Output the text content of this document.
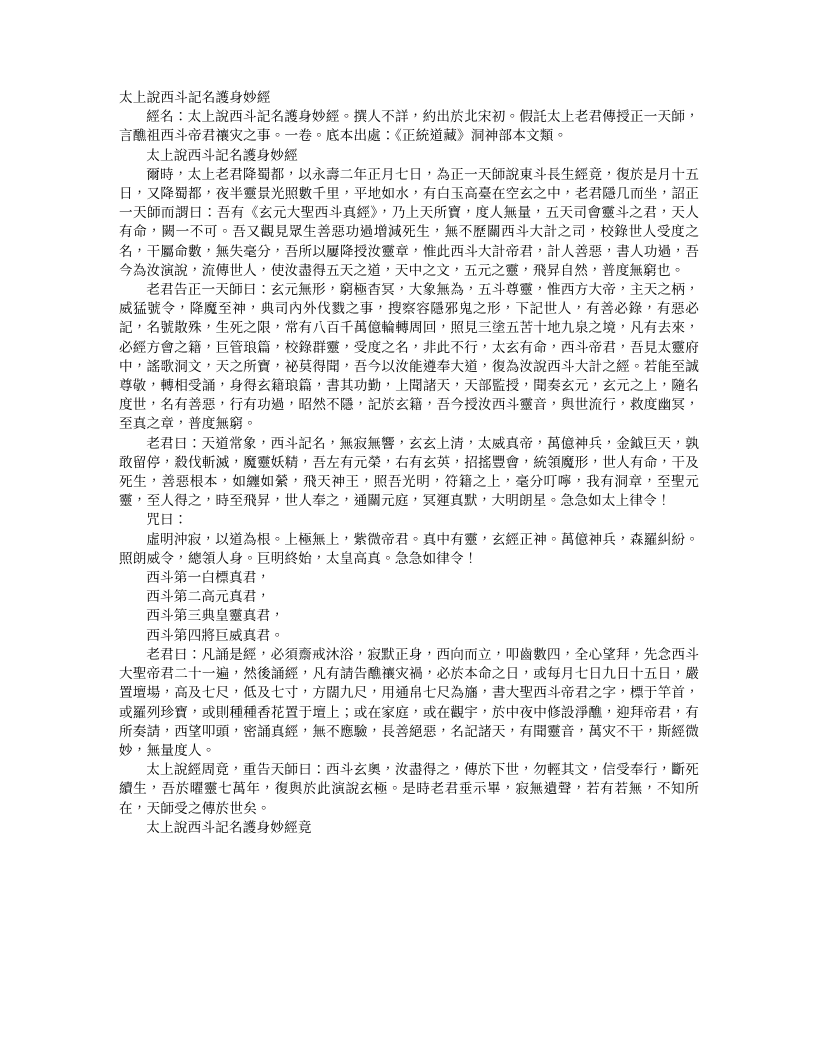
太上說西斗記名護身妙經

經名：太上說西斗記名護身妙經。撰人不詳，約出於北宋初。假託太上老君傳授正一天師，言醮祖西斗帝君禳灾之事。一卷。底本出處：《正統道藏》洞神部本文類。

太上說西斗記名護身妙經

爾時，太上老君降蜀都，以永壽二年正月七日，為正一天師說東斗長生經竟，復於是月十五日，又降蜀都，夜半靈景光照數千里，平地如水，有白玉高臺在空玄之中，老君隱几而坐，詔正一天師而謂曰：吾有《玄元大聖西斗真經》，乃上天所寶，度人無量，五天司會靈斗之君，天人有命，闕一不可。吾又觀見眾生善惡功過增減死生，無不歷關西斗大計之司，校錄世人受度之名，干屬命數，無失毫分，吾所以屢降授汝靈章，惟此西斗大計帝君，計人善惡，書人功過，吾今為汝演說，流傳世人，使汝盡得五天之道，天中之文，五元之靈，飛昇自然，普度無窮也。

老君告正一天師曰：玄元無形，窮極杳冥，大象無為，五斗尊靈，惟西方大帝，主天之柄，威猛號令，降魔至神，典司內外伐戮之事，搜察容隱邪鬼之形，下記世人，有善必錄，有惡必記，名號散殊，生死之限，常有八百千萬億輪轉周回，照見三塗五苦十地九泉之境，凡有去來，必經方會之籍，巨管琅篇，校錄群靈，受度之名，非此不行，太玄有命，西斗帝君，吾見太靈府中，謠歌洞文，天之所寶，祕莫得聞，吾今以汝能遵奉大道，復為汝說西斗大計之經。若能至誠尊敬，轉相受誦，身得玄籍琅篇，書其功勤，上聞諸天，天部監授，聞奏玄元，玄元之上，隨名度世，名有善惡，行有功過，昭然不隱，記於玄籍，吾今授汝西斗靈音，與世流行，救度幽冥，至真之章，普度無窮。

老君曰：天道常象，西斗記名，無寂無響，玄玄上清，太威真帝，萬億神兵，金鉞巨天，孰敢留停，殺伐斬滅，魔靈妖精，吾左有元榮，右有玄英，招搖豐會，統領魔形，世人有命，干及死生，善惡根本，如纏如縈，飛天神王，照吾光明，符籍之上，毫分叮嚀，我有洞章，至聖元靈，至人得之，時至飛昇，世人奉之，通關元庭，冥運真默，大明朗星。急急如太上律令！

咒曰：

虛明沖寂，以道為根。上極無上，紫微帝君。真中有靈，玄經正神。萬億神兵，森羅糾紛。照朗威令，總領人身。巨明終始，太皇高真。急急如律令！

西斗第一白標真君，

西斗第二高元真君，

西斗第三典皇靈真君，

西斗第四將巨威真君。

老君曰：凡誦是經，必須齋戒沐浴，寂默正身，西向而立，叩齒數四，全心望拜，先念西斗大聖帝君二十一遍，然後誦經，凡有請告醮禳灾禍，必於本命之日，或每月七日九日十五日，嚴置壇場，高及七尺，低及七寸，方闊九尺，用通帛七尺為旛，書大聖西斗帝君之字，標于竿首，或羅列珍寶，或則種種香花置于壇上；或在家庭，或在觀宇，於中夜中修設淨醮，迎拜帝君，有所奏請，西望叩頭，密誦真經，無不應驗，長善絕惡，名記諸天，有聞靈音，萬灾不干，斯經微妙，無量度人。

太上說經周竟，重告天師曰：西斗玄奧，汝盡得之，傳於下世，勿輕其文，信受奉行，斷死續生，吾於曜靈七萬年，復與於此演說玄極。是時老君垂示畢，寂無遺聲，若有若無，不知所在，天師受之傳於世矣。

太上說西斗記名護身妙經竟
